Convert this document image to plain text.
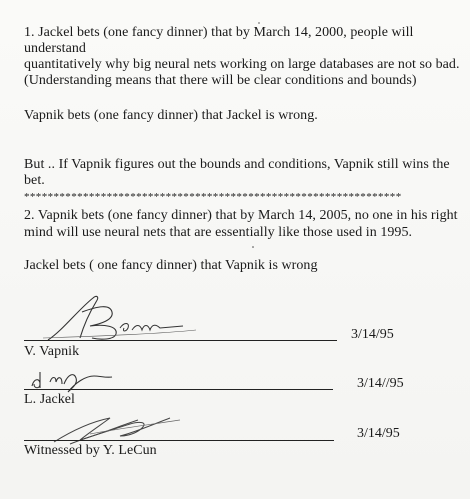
1. Jackel bets (one fancy dinner) that by March 14, 2000, people will
understand
quantitatively why big neural nets working on large databases are not so bad.
(Understanding means that there will be clear conditions and bounds)
Vapnik bets (one fancy dinner) that Jackel is wrong.
But .. If Vapnik figures out the bounds and conditions, Vapnik still wins the
bet.
****************************************************************
2. Vapnik bets (one fancy dinner) that by March 14, 2005, no one in his right
mind will use neural nets that are essentially like those used in 1995.
Jackel bets ( one fancy dinner) that Vapnik is wrong
3/14/95
V. Vapnik
3/14//95
L. Jackel
3/14/95
Witnessed by Y. LeCun
